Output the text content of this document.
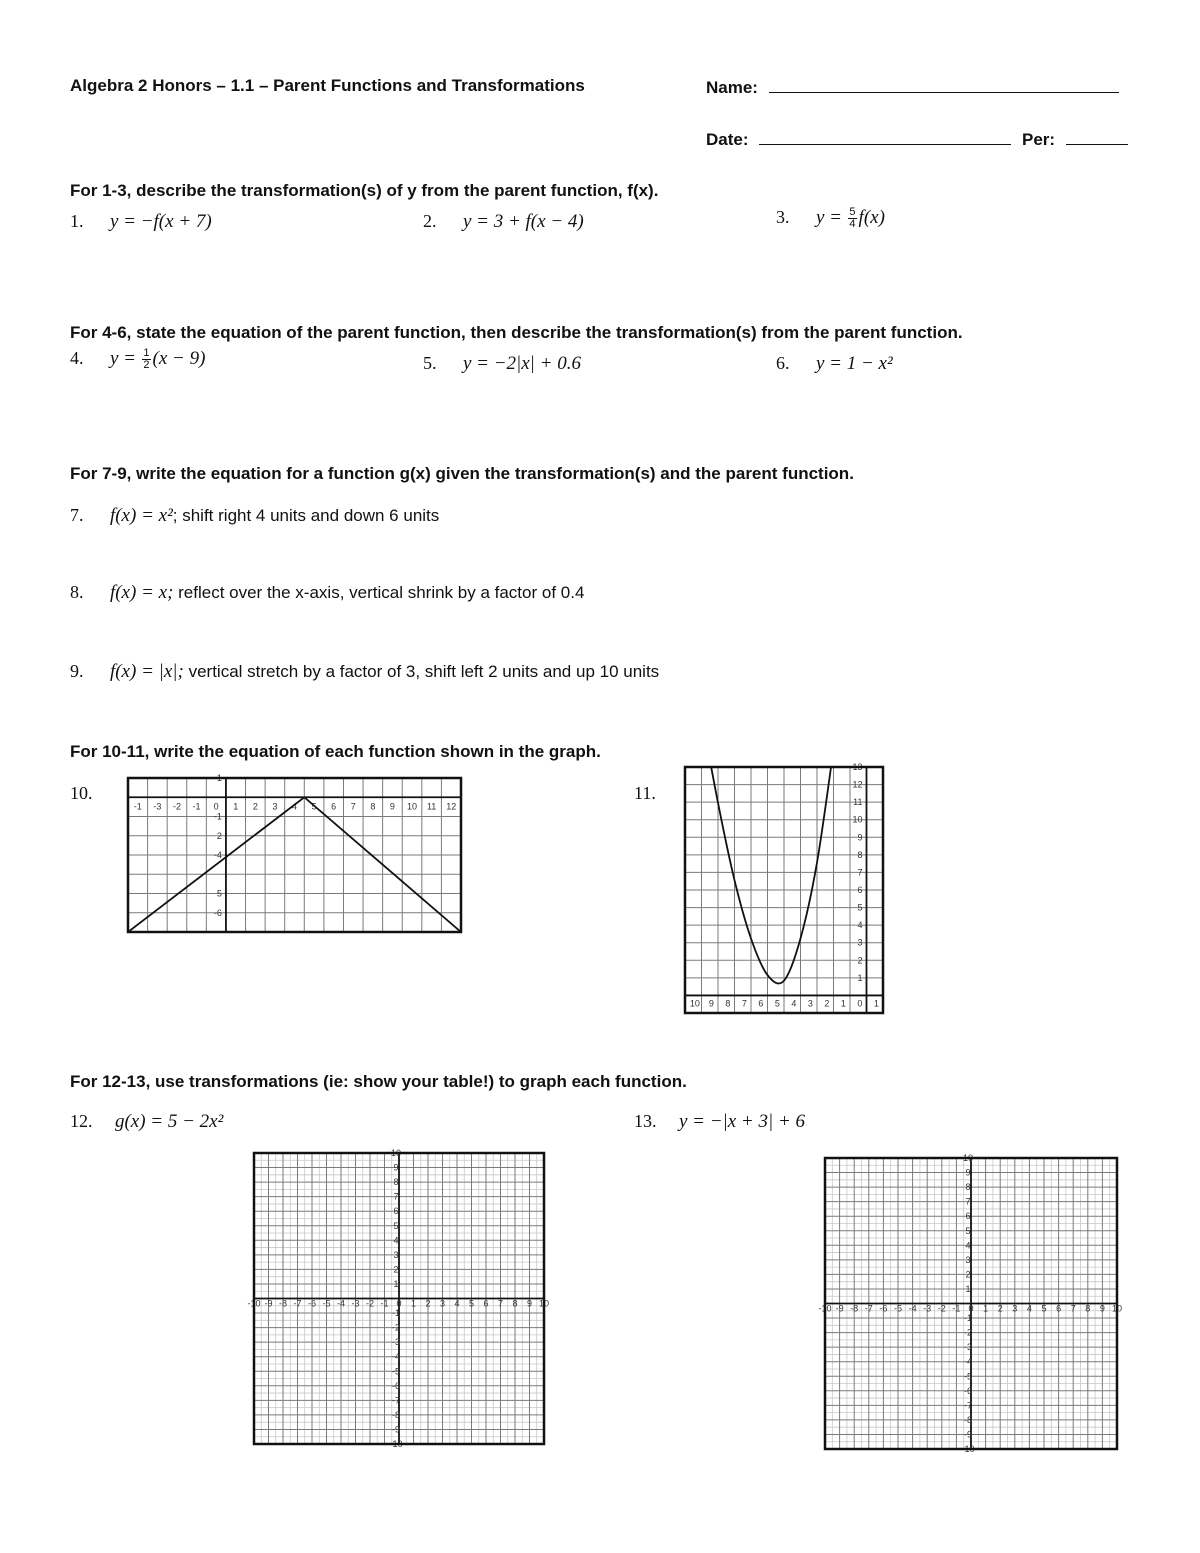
Algebra 2 Honors – 1.1 – Parent Functions and Transformations	Name:
Date:	Per:
For 1-3, describe the transformation(s) of y from the parent function, f(x).
1. y = −f(x + 7)	2. y = 3 + f(x − 4)	3. $y = \frac{5}{4} f(x)$
For 4-6, state the equation of the parent function, then describe the transformation(s) from the parent function.
4. $y = \frac{1}{2} (x - 9)$	5. y = −2|x| + 0.6	6. y = 1 − x²
For 7-9, write the equation for a function g(x) given the transformation(s) and the parent function.
7. f(x) = x²; shift right 4 units and down 6 units
8. f(x) = x; reflect over the x-axis, vertical shrink by a factor of 0.4
9. f(x) = |x|; vertical stretch by a factor of 3, shift left 2 units and up 10 units
For 10-11, write the equation of each function shown in the graph.
10.	11.
-1 -3 -2 -1 0 1 2 3 4 5 6 7 8 9 10 11 12
1
-1
2
-4
5
-6
10 9 8 7 6 5 4 3 2 1 0 1
13
12
11
10
9
8
7
6
5
4
3
2
1
For 12-13, use transformations (ie: show your table!) to graph each function.
12. g(x) = 5 − 2x²	13. y = −|x + 3| + 6
-10 -9 -8 -7 -6 -5 -4 -3 -2 -1 0 1 2 3 4 5 6 7 8 9 10
10
9
8
7
6
5
4
3
2
1
-1
-2
-3
-4
-5
-6
-7
-8
-9
-10
-10 -9 -8 -7 -6 -5 -4 -3 -2 -1 0 1 2 3 4 5 6 7 8 9 10
10
9
8
7
6
5
4
3
2
1
-1
-2
-3
-4
-5
-6
-7
-8
-9
-10
